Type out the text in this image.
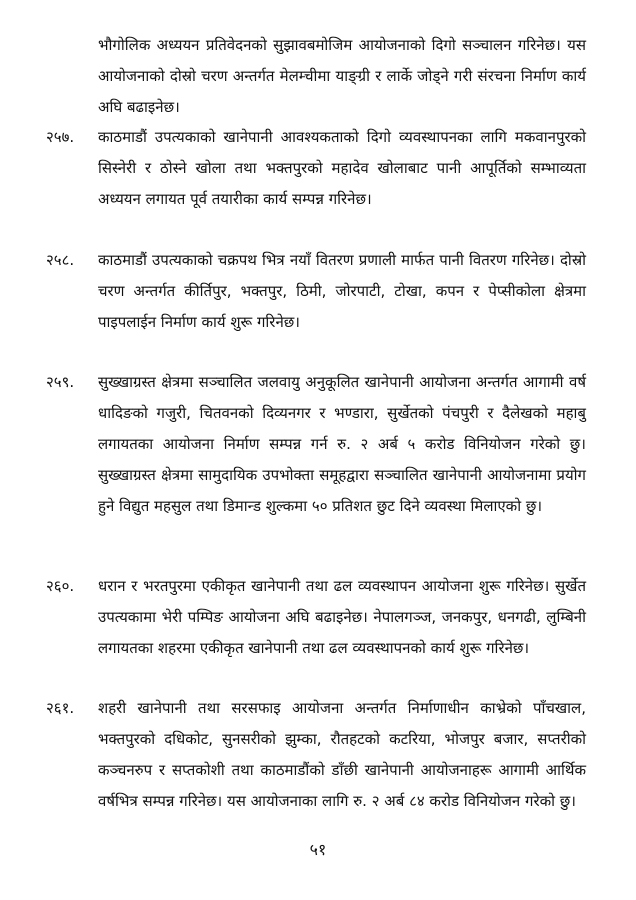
भौगोलिक अध्ययन प्रतिवेदनको सुझावबमोजिम आयोजनाको दिगो सञ्चालन गरिनेछ। यस आयोजनाको दोस्रो चरण अन्तर्गत मेलम्चीमा याङ्ग्री र लार्के जोड्ने गरी संरचना निर्माण कार्य अघि बढाइनेछ।
२५७.	काठमाडौं उपत्यकाको खानेपानी आवश्यकताको दिगो व्यवस्थापनका लागि मकवानपुरको सिस्नेरी र ठोस्ने खोला तथा भक्तपुरको महादेव खोलाबाट पानी आपूर्तिको सम्भाव्यता अध्ययन लगायत पूर्व तयारीका कार्य सम्पन्न गरिनेछ।
२५८.	काठमाडौं उपत्यकाको चक्रपथ भित्र नयाँ वितरण प्रणाली मार्फत पानी वितरण गरिनेछ। दोस्रो चरण अन्तर्गत कीर्तिपुर, भक्तपुर, ठिमी, जोरपाटी, टोखा, कपन र पेप्सीकोला क्षेत्रमा पाइपलाईन निर्माण कार्य शुरू गरिनेछ।
२५९.	सुख्खाग्रस्त क्षेत्रमा सञ्चालित जलवायु अनुकूलित खानेपानी आयोजना अन्तर्गत आगामी वर्ष धादिङको गजुरी, चितवनको दिव्यनगर र भण्डारा, सुर्खेतको पंचपुरी र दैलेखको महाबु लगायतका आयोजना निर्माण सम्पन्न गर्न रु. २ अर्ब ५ करोड विनियोजन गरेको छु। सुख्खाग्रस्त क्षेत्रमा सामुदायिक उपभोक्ता समूहद्वारा सञ्चालित खानेपानी आयोजनामा प्रयोग हुने विद्युत महसुल तथा डिमान्ड शुल्कमा ५० प्रतिशत छुट दिने व्यवस्था मिलाएको छु।
२६०.	धरान र भरतपुरमा एकीकृत खानेपानी तथा ढल व्यवस्थापन आयोजना शुरू गरिनेछ। सुर्खेत उपत्यकामा भेरी पम्पिङ आयोजना अघि बढाइनेछ। नेपालगञ्ज, जनकपुर, धनगढी, लुम्बिनी लगायतका शहरमा एकीकृत खानेपानी तथा ढल व्यवस्थापनको कार्य शुरू गरिनेछ।
२६१.	शहरी खानेपानी तथा सरसफाइ आयोजना अन्तर्गत निर्माणाधीन काभ्रेको पाँचखाल, भक्तपुरको दधिकोट, सुनसरीको झुम्का, रौतहटको कटरिया, भोजपुर बजार, सप्तरीको कञ्चनरुप र सप्तकोशी तथा काठमाडौंको डाँछी खानेपानी आयोजनाहरू आगामी आर्थिक वर्षभित्र सम्पन्न गरिनेछ। यस आयोजनाका लागि रु. २ अर्ब ८४ करोड विनियोजन गरेको छु।
५१
